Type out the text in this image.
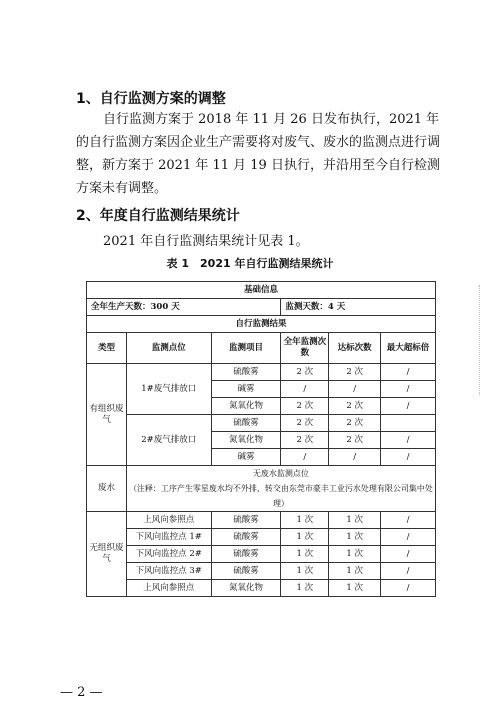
1、自行监测方案的调整
自行监测方案于 2018 年 11 月 26 日发布执行，2021 年的自行监测方案因企业生产需要将对废气、废水的监测点进行调整，新方案于 2021 年 11 月 19 日执行，并沿用至今自行检测方案未有调整。
2、年度自行监测结果统计
2021 年自行监测结果统计见表 1。
表 1　2021 年自行监测结果统计
基础信息					
全年生产天数：300 天			监测天数：4 天		
自行监测结果					
类型	监测点位	监测项目	全年监测次数	达标次数	最大超标倍
有组织废气	1#废气排放口	硫酸雾	2 次	2 次	/
		碱雾	/	/	/
		氮氧化物	2 次	2 次	/
	2#废气排放口	硫酸雾	2 次	2 次	
		氮氧化物	2 次	2 次	/
		碱雾	/	/	/
废水	无废水监测点位
（注释：工序产生零星废水均不外排，转交由东莞市豪丰工业污水处理有限公司集中处理）				

无组织废气	上风向参照点	硫酸雾	1 次	1 次	/
	下风向监控点 1#	硫酸雾	1 次	1 次	/
	下风向监控点 2#	硫酸雾	1 次	1 次	/
	下风向监控点 3#	硫酸雾	1 次	1 次	/
	上风向参照点	氮氧化物	1 次	1 次	/
— 2 —
